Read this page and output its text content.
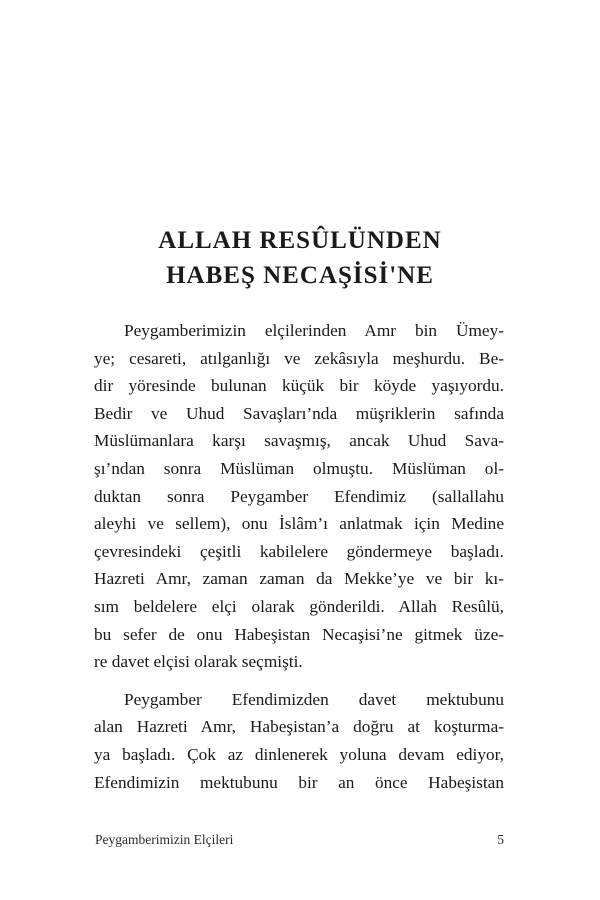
ALLAH RESÛLÜNDEN
HABEŞ NECAŞİSİ'NE
Peygamberimizin elçilerinden Amr bin Ümey-
ye; cesareti, atılganlığı ve zekâsıyla meşhurdu. Be-
dir yöresinde bulunan küçük bir köyde yaşıyordu.
Bedir ve Uhud Savaşları’nda müşriklerin safında
Müslümanlara karşı savaşmış, ancak Uhud Sava-
şı’ndan sonra Müslüman olmuştu. Müslüman ol-
duktan sonra Peygamber Efendimiz (sallallahu
aleyhi ve sellem), onu İslâm’ı anlatmak için Medine
çevresindeki çeşitli kabilelere göndermeye başladı.
Hazreti Amr, zaman zaman da Mekke’ye ve bir kı-
sım beldelere elçi olarak gönderildi. Allah Resûlü,
bu sefer de onu Habeşistan Necaşisi’ne gitmek üze-
re davet elçisi olarak seçmişti.
Peygamber Efendimizden davet mektubunu
alan Hazreti Amr, Habeşistan’a doğru at koşturma-
ya başladı. Çok az dinlenerek yoluna devam ediyor,
Efendimizin mektubunu bir an önce Habeşistan
Peygamberimizin Elçileri	5
